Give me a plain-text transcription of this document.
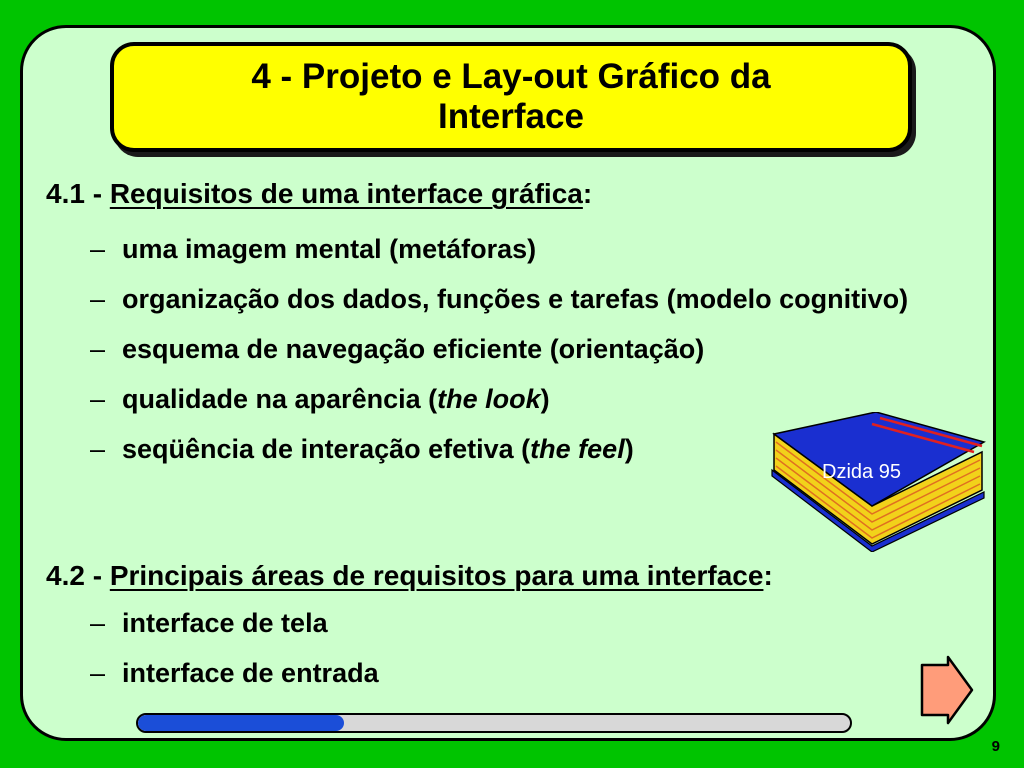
4 - Projeto e Lay-out Gráfico da
Interface
4.1 - Requisitos de uma interface gráfica:
– uma imagem mental (metáforas)
– organização dos dados, funções e tarefas (modelo cognitivo)
– esquema de navegação eficiente (orientação)
– qualidade na aparência (the look)
– seqüência de interação efetiva (the feel)
Dzida 95
4.2 - Principais áreas de requisitos para uma interface:
– interface de tela
– interface de entrada
9
